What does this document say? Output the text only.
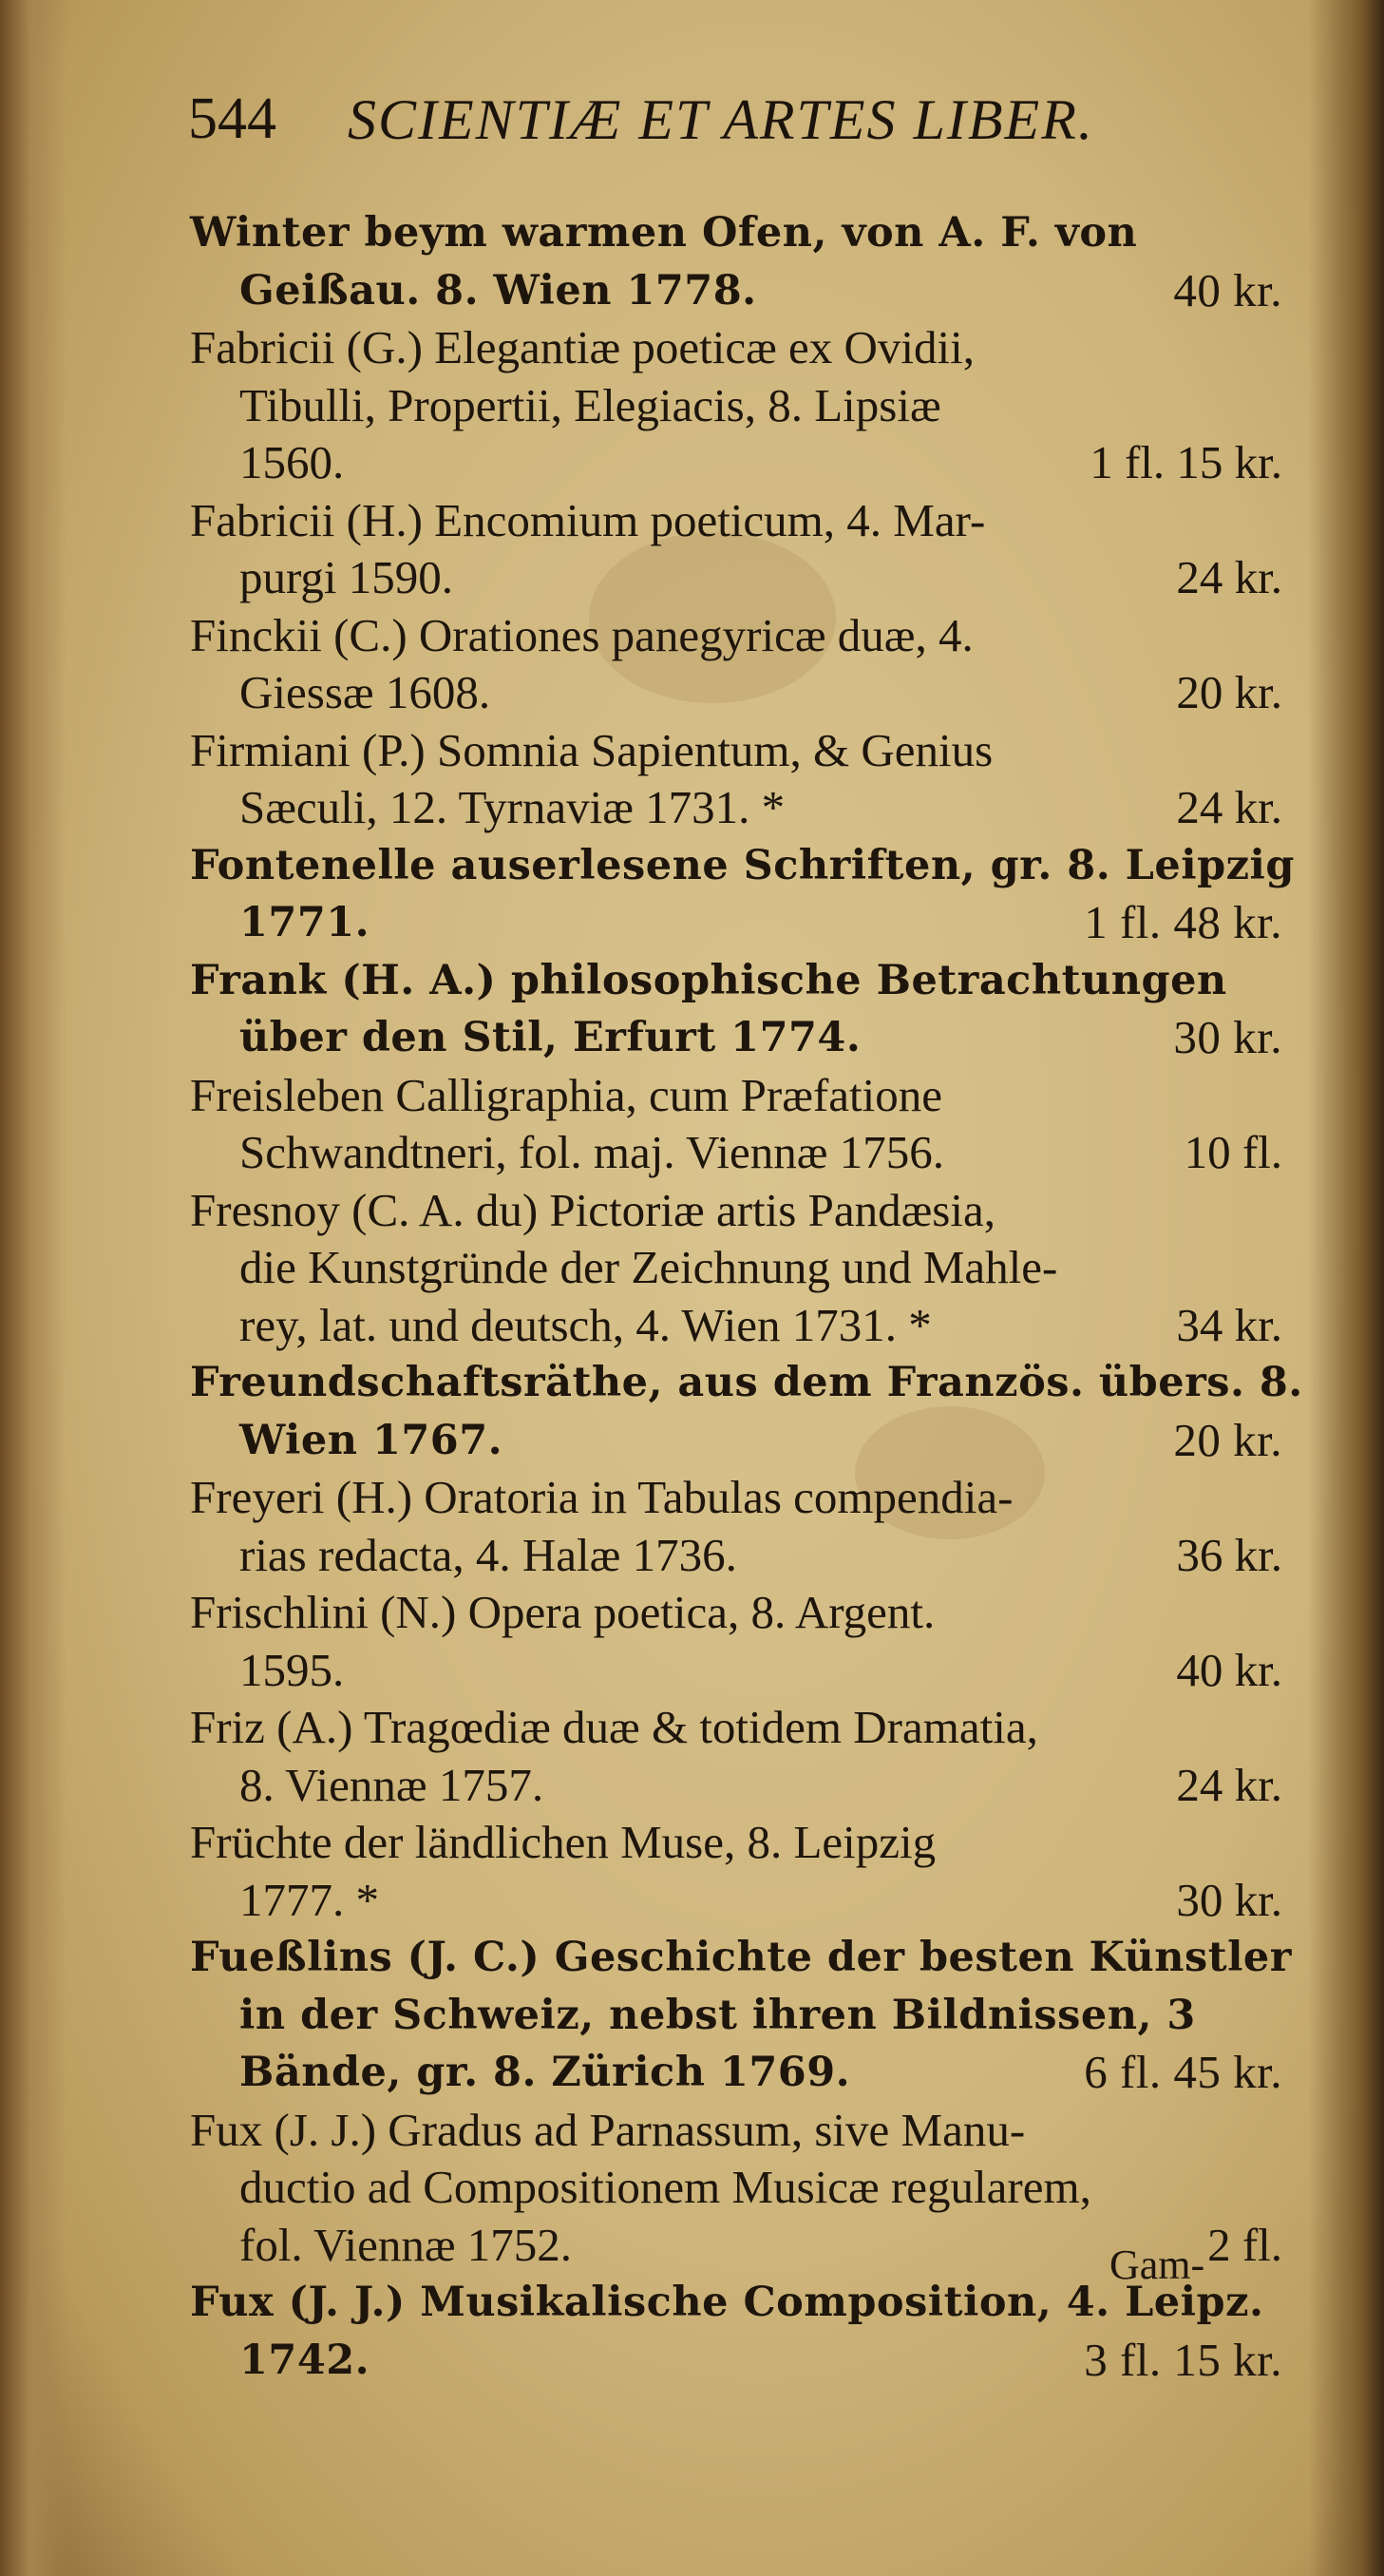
544 SCIENTIÆ ET ARTES LIBER.
Winter beym warmen Ofen, von A. F. von
Geißau. 8. Wien 1778.	40 kr.
Fabricii (G.) Elegantiæ poeticæ ex Ovidii,
Tibulli, Propertii, Elegiacis, 8. Lipsiæ
1560.	1 fl. 15 kr.
Fabricii (H.) Encomium poeticum, 4. Mar-
purgi 1590.	24 kr.
Finckii (C.) Orationes panegyricæ duæ, 4.
Giessæ 1608.	20 kr.
Firmiani (P.) Somnia Sapientum, & Genius
Sæculi, 12. Tyrnaviæ 1731. *	24 kr.
Fontenelle auserlesene Schriften, gr. 8. Leipzig
1771.	1 fl. 48 kr.
Frank (H. A.) philosophische Betrachtungen
über den Stil, Erfurt 1774.	30 kr.
Freisleben Calligraphia, cum Præfatione
Schwandtneri, fol. maj. Viennæ 1756.	10 fl.
Fresnoy (C. A. du) Pictoriæ artis Pandæsia,
die Kunstgründe der Zeichnung und Mahle-
rey, lat. und deutsch, 4. Wien 1731. *	34 kr.
Freundschaftsräthe, aus dem Französ. übers. 8.
Wien 1767.	20 kr.
Freyeri (H.) Oratoria in Tabulas compendia-
rias redacta, 4. Halæ 1736.	36 kr.
Frischlini (N.) Opera poetica, 8. Argent.
1595.	40 kr.
Friz (A.) Tragœdiæ duæ & totidem Dramatia,
8. Viennæ 1757.	24 kr.
Früchte der ländlichen Muse, 8. Leipzig
1777. *	30 kr.
Fueßlins (J. C.) Geschichte der besten Künstler
in der Schweiz, nebst ihren Bildnissen, 3
Bände, gr. 8. Zürich 1769.	6 fl. 45 kr.
Fux (J. J.) Gradus ad Parnassum, sive Manu-
ductio ad Compositionem Musicæ regularem,
fol. Viennæ 1752.	2 fl.
Fux (J. J.) Musikalische Composition, 4. Leipz.
1742.	3 fl. 15 kr.
Gam-
